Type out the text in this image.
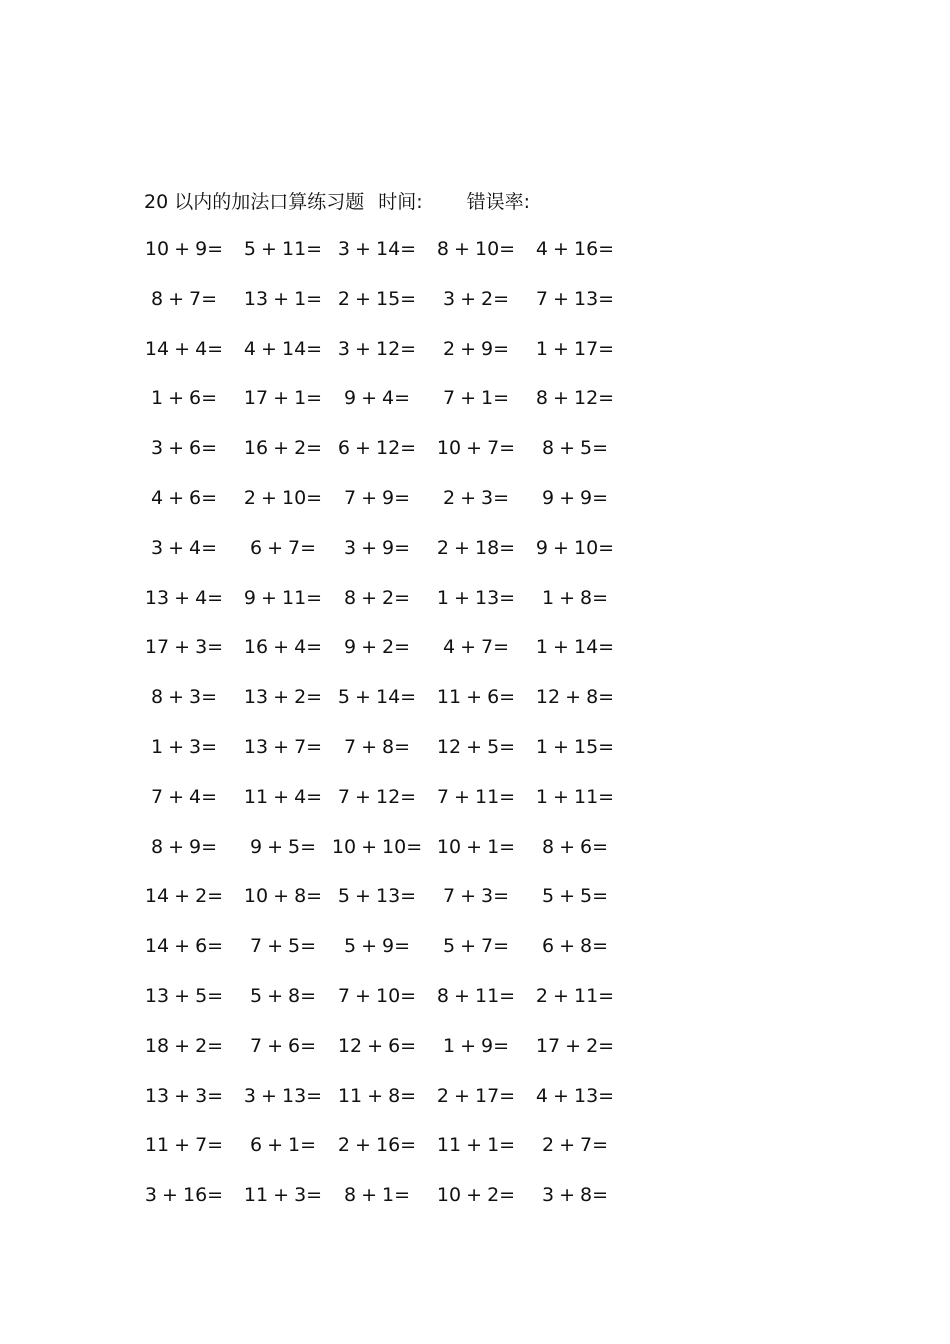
20 以内的加法口算练习题 时间: 错误率:
10 + 9= 5 + 11= 3 + 14= 8 + 10= 4 + 16=
8 + 7= 13 + 1= 2 + 15= 3 + 2= 7 + 13=
14 + 4= 4 + 14= 3 + 12= 2 + 9= 1 + 17=
1 + 6= 17 + 1= 9 + 4= 7 + 1= 8 + 12=
3 + 6= 16 + 2= 6 + 12= 10 + 7= 8 + 5=
4 + 6= 2 + 10= 7 + 9= 2 + 3= 9 + 9=
3 + 4= 6 + 7= 3 + 9= 2 + 18= 9 + 10=
13 + 4= 9 + 11= 8 + 2= 1 + 13= 1 + 8=
17 + 3= 16 + 4= 9 + 2= 4 + 7= 1 + 14=
8 + 3= 13 + 2= 5 + 14= 11 + 6= 12 + 8=
1 + 3= 13 + 7= 7 + 8= 12 + 5= 1 + 15=
7 + 4= 11 + 4= 7 + 12= 7 + 11= 1 + 11=
8 + 9= 9 + 5= 10 + 10= 10 + 1= 8 + 6=
14 + 2= 10 + 8= 5 + 13= 7 + 3= 5 + 5=
14 + 6= 7 + 5= 5 + 9= 5 + 7= 6 + 8=
13 + 5= 5 + 8= 7 + 10= 8 + 11= 2 + 11=
18 + 2= 7 + 6= 12 + 6= 1 + 9= 17 + 2=
13 + 3= 3 + 13= 11 + 8= 2 + 17= 4 + 13=
11 + 7= 6 + 1= 2 + 16= 11 + 1= 2 + 7=
3 + 16= 11 + 3= 8 + 1= 10 + 2= 3 + 8=
